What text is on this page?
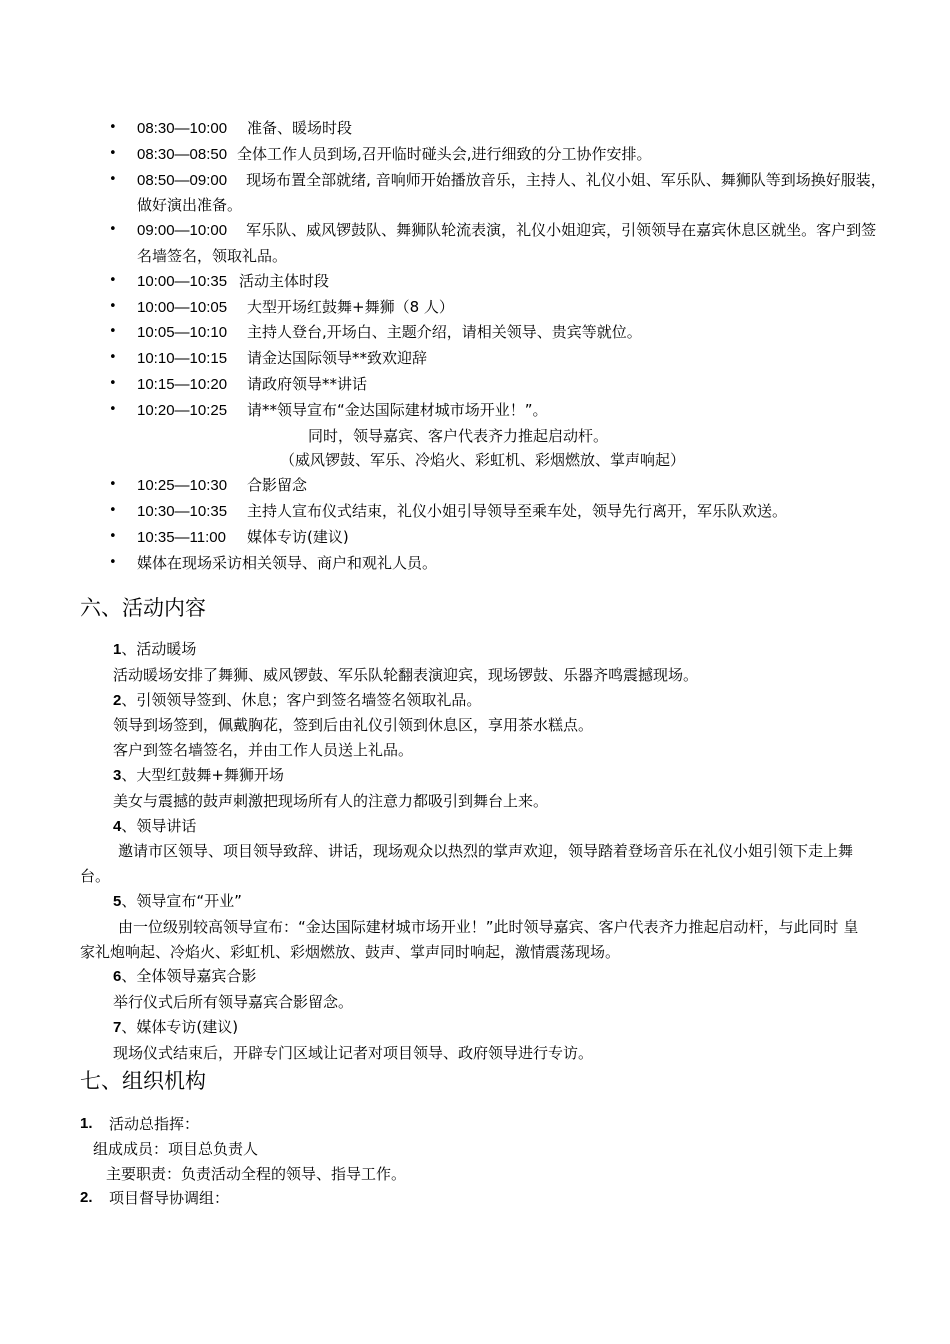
• 08:30—10:00 准备、暖场时段
• 08:30—08:50 全体工作人员到场,召开临时碰头会,进行细致的分工协作安排。
• 08:50—09:00 现场布置全部就绪, 音响师开始播放音乐，主持人、礼仪小姐、军乐队、舞狮队等到场换好服装，做好演出准备。
• 09:00—10:00 军乐队、威风锣鼓队、舞狮队轮流表演，礼仪小姐迎宾，引领领导在嘉宾休息区就坐。客户到签名墙签名，领取礼品。
• 10:00—10:35 活动主体时段
• 10:00—10:05 大型开场红鼓舞+舞狮（8 人）
• 10:05—10:10 主持人登台,开场白、主题介绍，请相关领导、贵宾等就位。
• 10:10—10:15 请金达国际领导**致欢迎辞
• 10:15—10:20 请政府领导**讲话
• 10:20—10:25 请**领导宣布“金达国际建材城市场开业！”。
同时，领导嘉宾、客户代表齐力推起启动杆。
（威风锣鼓、军乐、冷焰火、彩虹机、彩烟燃放、掌声响起）
• 10:25—10:30 合影留念
• 10:30—10:35 主持人宣布仪式结束，礼仪小姐引导领导至乘车处，领导先行离开，军乐队欢送。
• 10:35—11:00 媒体专访(建议)
• 媒体在现场采访相关领导、商户和观礼人员。
六、活动内容
1、活动暖场
活动暖场安排了舞狮、威风锣鼓、军乐队轮翻表演迎宾，现场锣鼓、乐器齐鸣震撼现场。
2、引领领导签到、休息；客户到签名墙签名领取礼品。
领导到场签到，佩戴胸花，签到后由礼仪引领到休息区，享用茶水糕点。
客户到签名墙签名，并由工作人员送上礼品。
3、大型红鼓舞+舞狮开场
美女与震撼的鼓声刺激把现场所有人的注意力都吸引到舞台上来。
4、领导讲话
邀请市区领导、项目领导致辞、讲话，现场观众以热烈的掌声欢迎，领导踏着登场音乐在礼仪小姐引领下走上舞台。
5、领导宣布“开业”
由一位级别较高领导宣布：“金达国际建材城市场开业！”此时领导嘉宾、客户代表齐力推起启动杆，与此同时 皇家礼炮响起、冷焰火、彩虹机、彩烟燃放、鼓声、掌声同时响起，激情震荡现场。
6、全体领导嘉宾合影
举行仪式后所有领导嘉宾合影留念。
7、媒体专访(建议)
现场仪式结束后，开辟专门区域让记者对项目领导、政府领导进行专访。
七、组织机构
1.	活动总指挥：
组成成员：项目总负责人
主要职责：负责活动全程的领导、指导工作。
2.	项目督导协调组：
